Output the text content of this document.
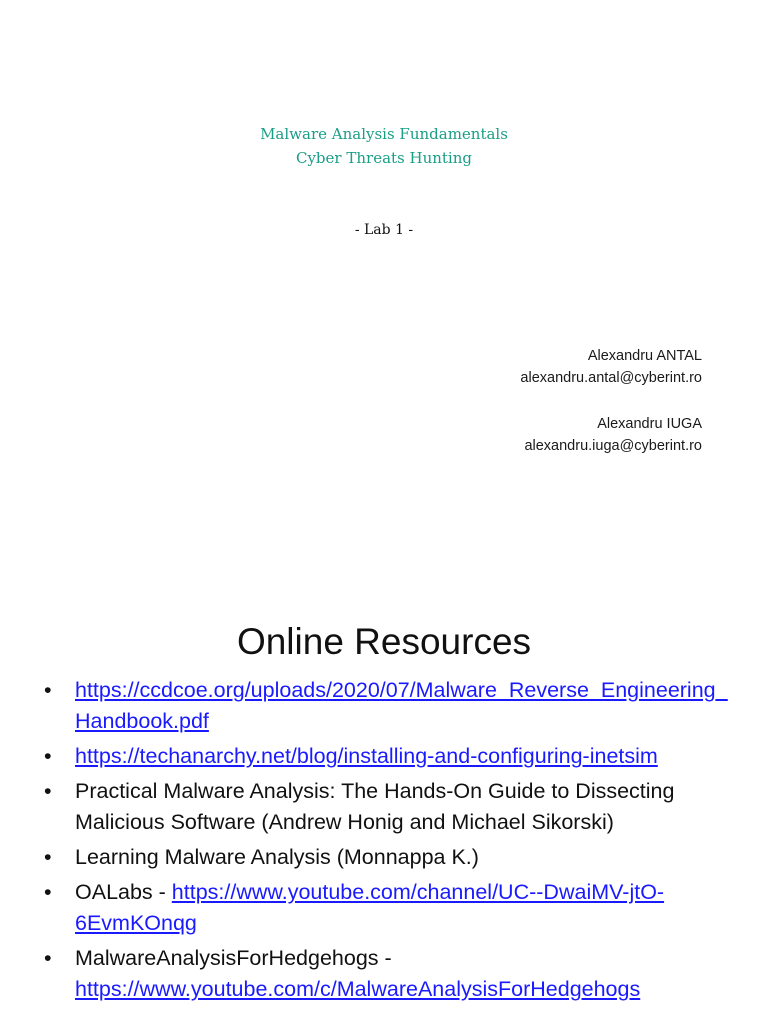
Malware Analysis Fundamentals
Cyber Threats Hunting
- Lab 1 -
Alexandru ANTAL
alexandru.antal@cyberint.ro
Alexandru IUGA
alexandru.iuga@cyberint.ro
Online Resources
• https://ccdcoe.org/uploads/2020/07/Malware_Reverse_Engineering_Handbook.pdf
• https://techanarchy.net/blog/installing-and-configuring-inetsim
• Practical Malware Analysis: The Hands-On Guide to Dissecting Malicious Software (Andrew Honig and Michael Sikorski)
• Learning Malware Analysis (Monnappa K.)
• OALabs - https://www.youtube.com/channel/UC--DwaiMV-jtO-6EvmKOnqg
• MalwareAnalysisForHedgehogs - https://www.youtube.com/c/MalwareAnalysisForHedgehogs
